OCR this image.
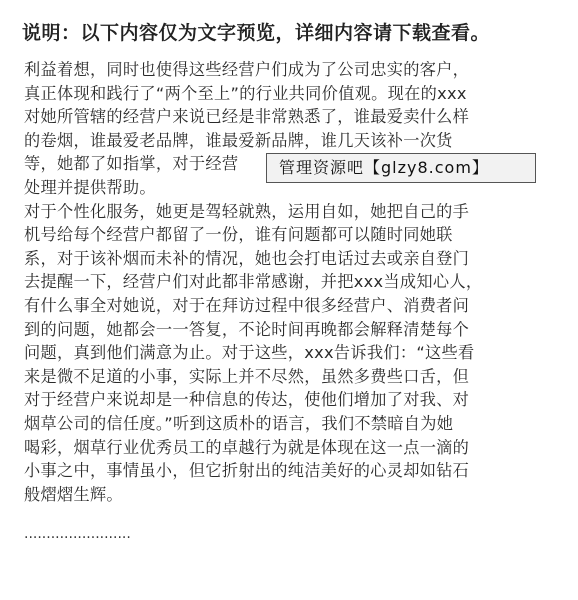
说明：以下内容仅为文字预览，详细内容请下载查看。
利益着想，同时也使得这些经营户们成为了公司忠实的客户，
真正体现和践行了“两个至上”的行业共同价值观。现在的xxx
对她所管辖的经营户来说已经是非常熟悉了，谁最爱卖什么样
的卷烟，谁最爱老品牌，谁最爱新品牌，谁几天该补一次货
等，她都了如指掌，对于经营
处理并提供帮助。
对于个性化服务，她更是驾轻就熟，运用自如，她把自己的手
机号给每个经营户都留了一份，谁有问题都可以随时同她联
系，对于该补烟而未补的情况，她也会打电话过去或亲自登门
去提醒一下，经营户们对此都非常感谢，并把xxx当成知心人，
有什么事全对她说，对于在拜访过程中很多经营户、消费者问
到的问题，她都会一一答复，不论时间再晚都会解释清楚每个
问题，真到他们满意为止。对于这些，xxx告诉我们：“这些看
来是微不足道的小事，实际上并不尽然，虽然多费些口舌，但
对于经营户来说却是一种信息的传达，使他们增加了对我、对
烟草公司的信任度。”听到这质朴的语言，我们不禁暗自为她
喝彩，烟草行业优秀员工的卓越行为就是体现在这一点一滴的
小事之中，事情虽小，但它折射出的纯洁美好的心灵却如钻石
般熠熠生辉。
管理资源吧【glzy8.com】
························
